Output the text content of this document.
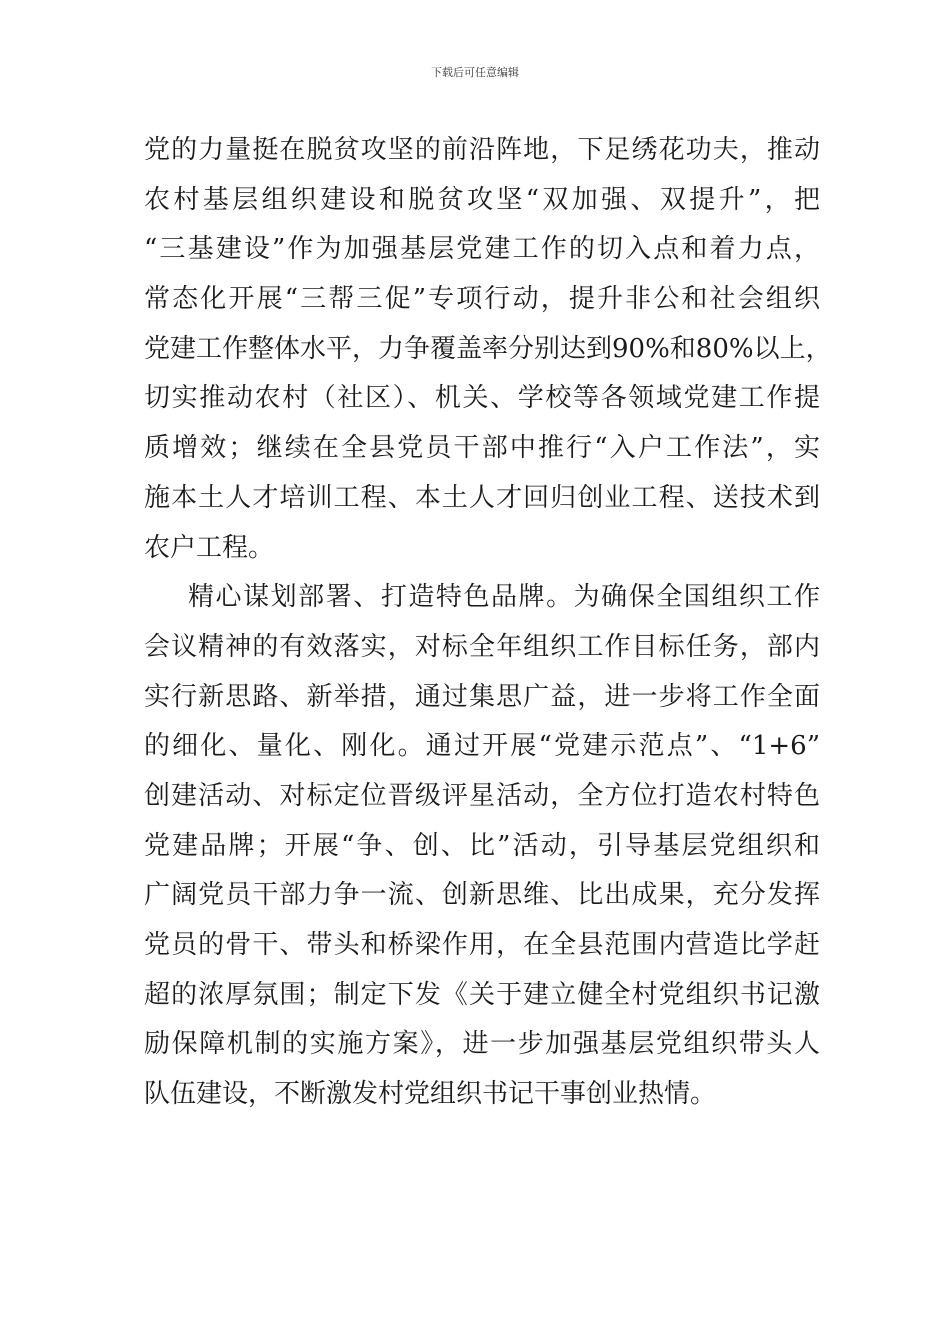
下载后可任意编辑
党的力量挺在脱贫攻坚的前沿阵地，下足绣花功夫，推动
农村基层组织建设和脱贫攻坚“双加强、双提升”，把
“三基建设”作为加强基层党建工作的切入点和着力点，
常态化开展“三帮三促”专项行动，提升非公和社会组织
党建工作整体水平，力争覆盖率分别达到90%和80%以上，
切实推动农村（社区）、机关、学校等各领域党建工作提
质增效；继续在全县党员干部中推行“入户工作法”，实
施本土人才培训工程、本土人才回归创业工程、送技术到
农户工程。
精心谋划部署、打造特色品牌。为确保全国组织工作
会议精神的有效落实，对标全年组织工作目标任务，部内
实行新思路、新举措，通过集思广益，进一步将工作全面
的细化、量化、刚化。通过开展“党建示范点”、“1+6”
创建活动、对标定位晋级评星活动，全方位打造农村特色
党建品牌；开展“争、创、比”活动，引导基层党组织和
广阔党员干部力争一流、创新思维、比出成果，充分发挥
党员的骨干、带头和桥梁作用，在全县范围内营造比学赶
超的浓厚氛围；制定下发《关于建立健全村党组织书记激
励保障机制的实施方案》，进一步加强基层党组织带头人
队伍建设，不断激发村党组织书记干事创业热情。
